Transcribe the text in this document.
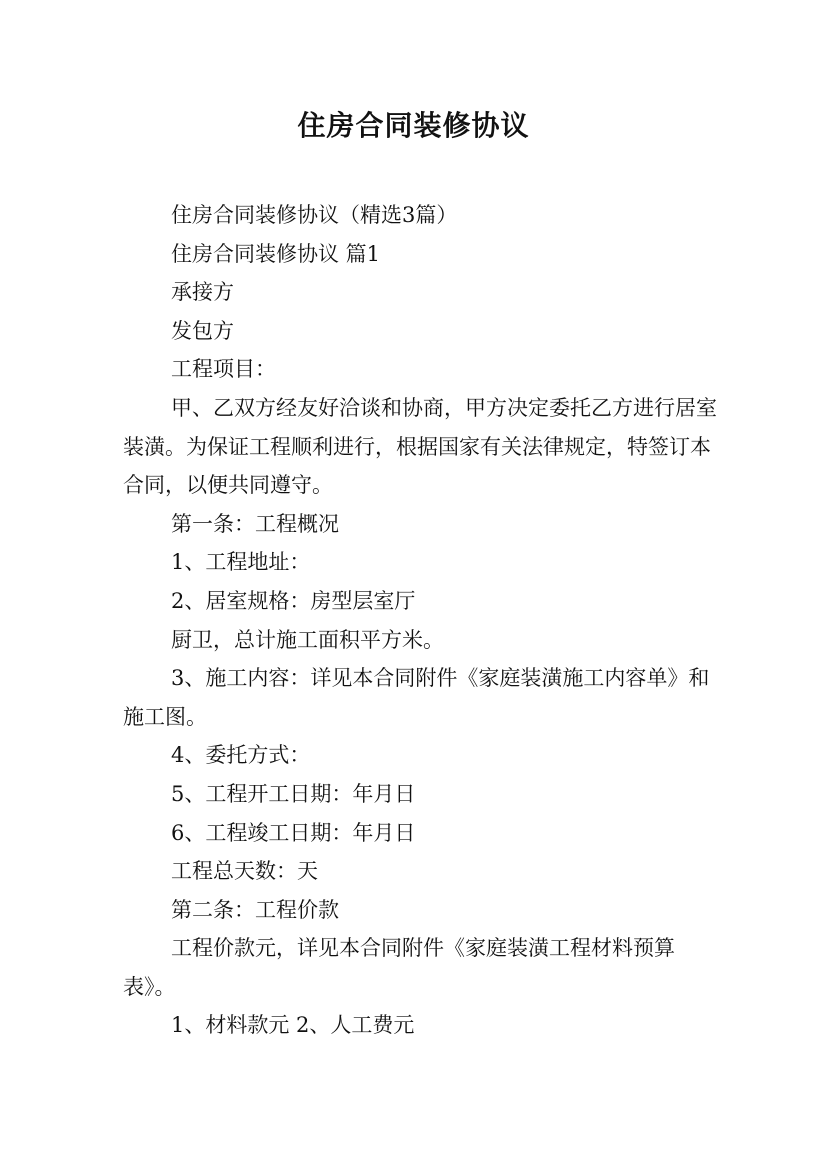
住房合同装修协议

住房合同装修协议（精选3篇）

住房合同装修协议 篇1

承接方

发包方

工程项目：

甲、乙双方经友好洽谈和协商，甲方决定委托乙方进行居室装潢。为保证工程顺利进行，根据国家有关法律规定，特签订本合同，以便共同遵守。

第一条：工程概况

1、工程地址：

2、居室规格：房型层室厅

厨卫，总计施工面积平方米。

3、施工内容：详见本合同附件《家庭装潢施工内容单》和施工图。

4、委托方式：

5、工程开工日期：年月日

6、工程竣工日期：年月日

工程总天数：天

第二条：工程价款

工程价款元，详见本合同附件《家庭装潢工程材料预算表》。

1、材料款元 2、人工费元
